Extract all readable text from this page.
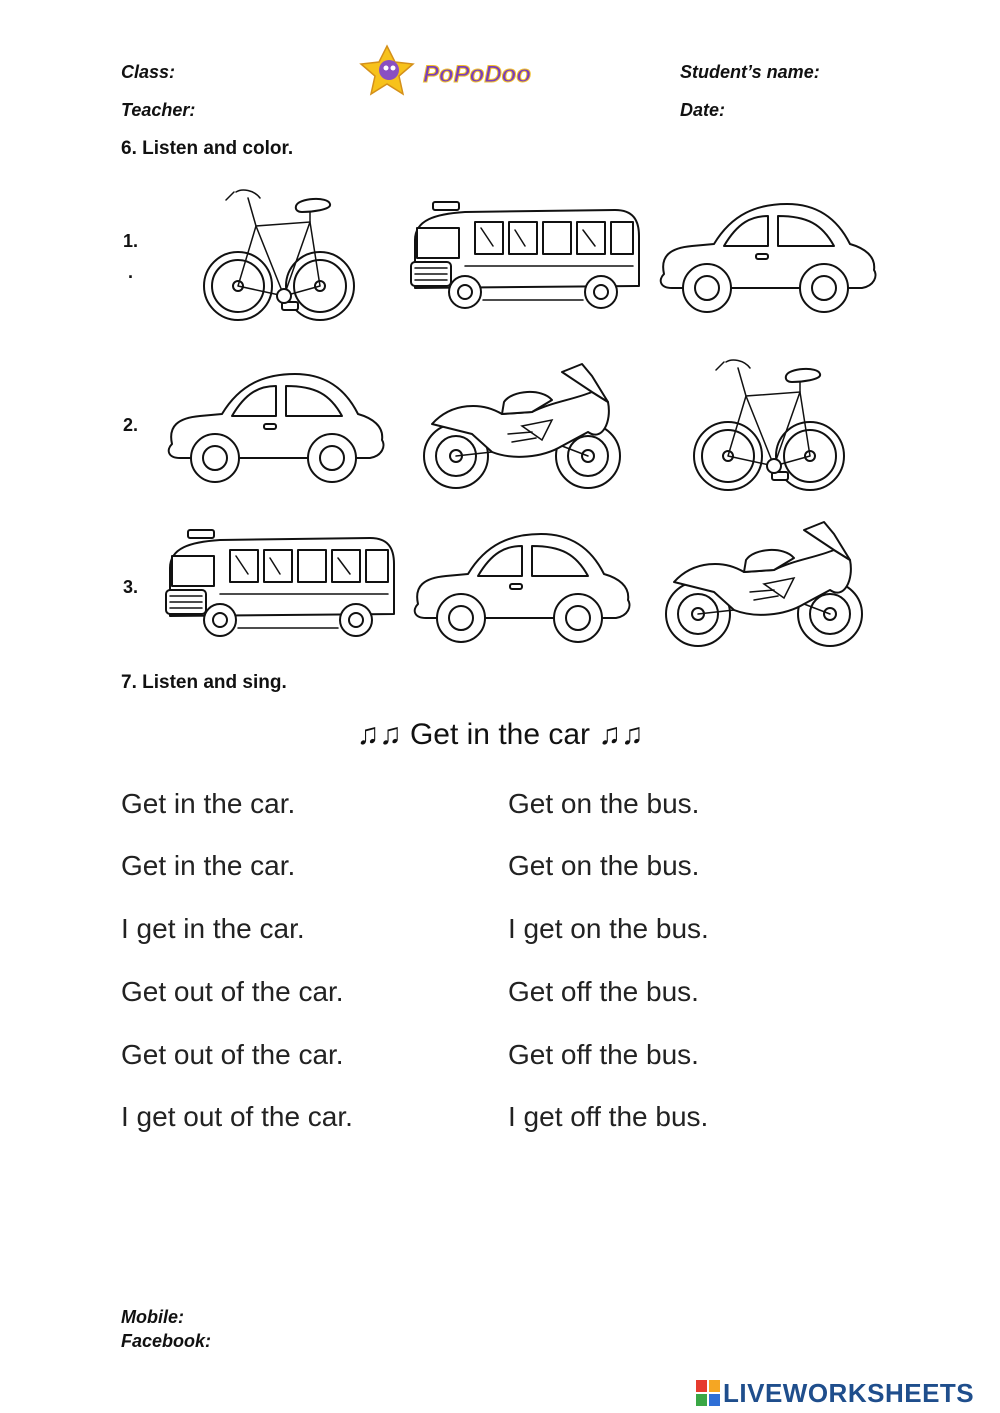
Class:
Teacher:
Student’s name:
Date:
PoPoDoo
6. Listen and color.
1.
.
2.
3.
7. Listen and sing.
♫♫ Get in the car ♫♫
Get in the car.
Get in the car.
I get in the car.
Get out of the car.
Get out of the car.
I get out of the car.
Get on the bus.
Get on the bus.
I get on the bus.
Get off the bus.
Get off the bus.
I get off the bus.
Mobile:
Facebook:
LIVEWORKSHEETS
